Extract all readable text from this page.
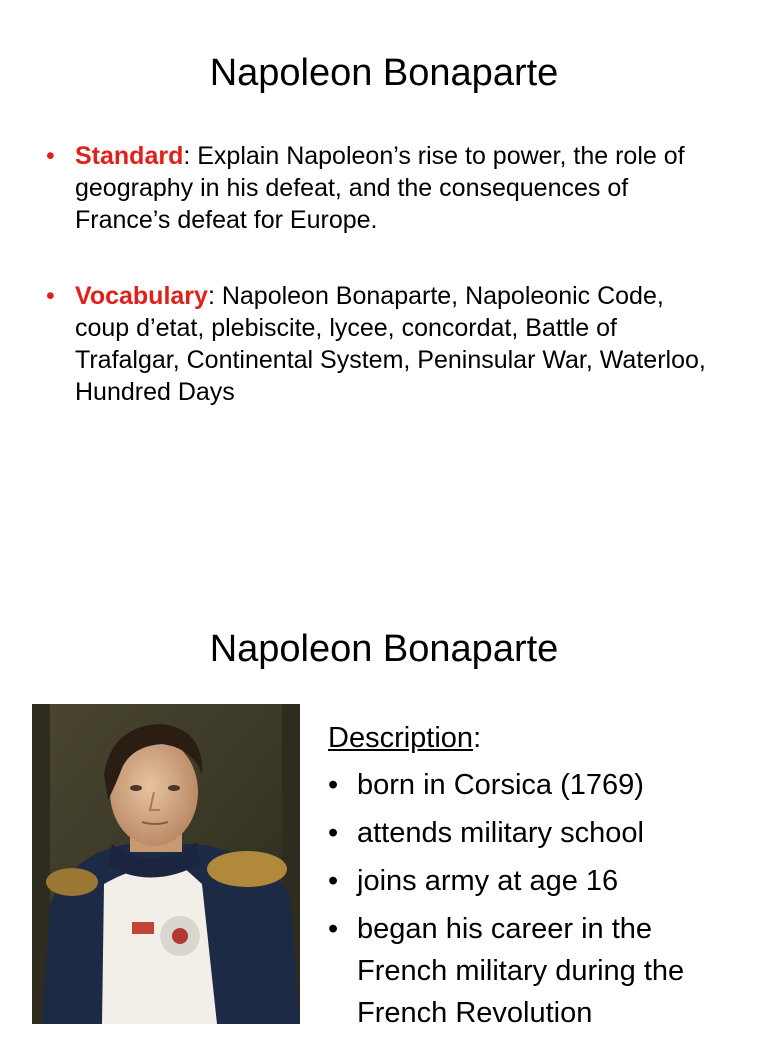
Napoleon Bonaparte
• Standard: Explain Napoleon’s rise to power, the role of geography in his defeat, and the consequences of France’s defeat for Europe.
• Vocabulary: Napoleon Bonaparte, Napoleonic Code, coup d’etat, plebiscite, lycee, concordat, Battle of Trafalgar, Continental System, Peninsular War, Waterloo, Hundred Days
Napoleon Bonaparte
Description:
• born in Corsica (1769)
• attends military school
• joins army at age 16
• began his career in the French military during the French Revolution
